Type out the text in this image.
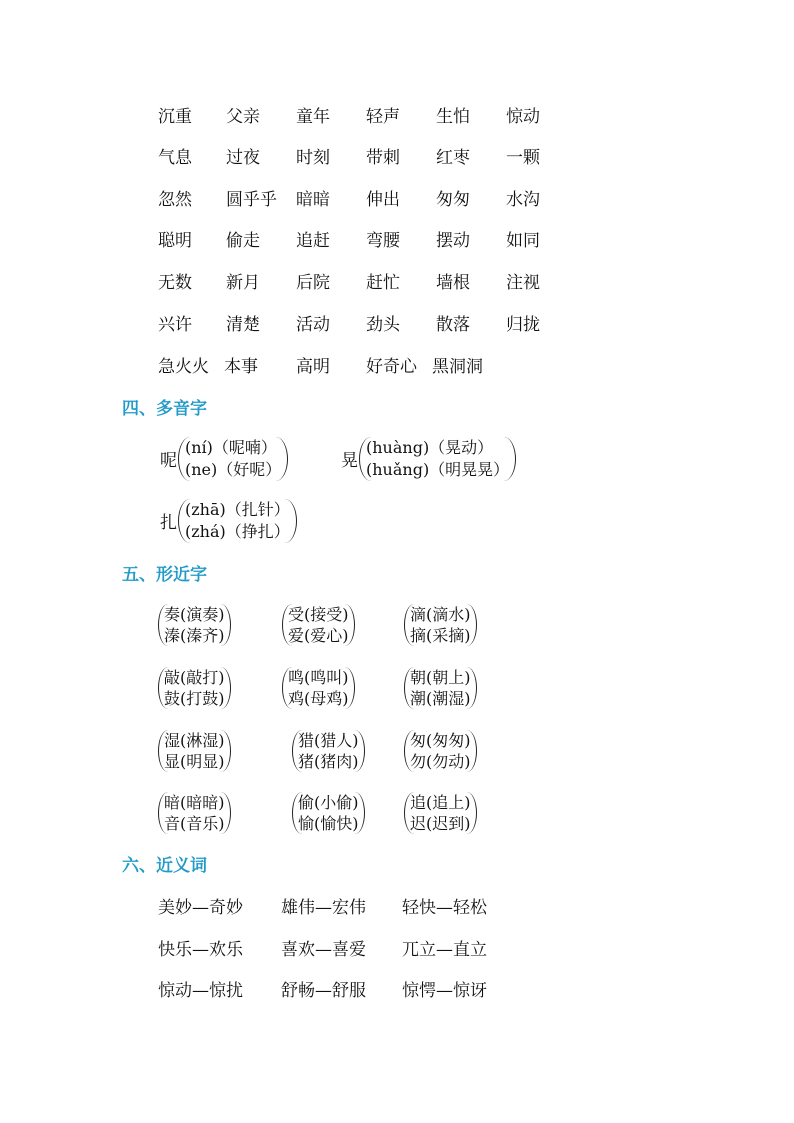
沉重 父亲 童年 轻声 生怕 惊动
气息 过夜 时刻 带刺 红枣 一颗
忽然 圆乎乎 暗暗 伸出 匆匆 水沟
聪明 偷走 追赶 弯腰 摆动 如同
无数 新月 后院 赶忙 墙根 注视
兴许 清楚 活动 劲头 散落 归拢
急火火 本事 高明 好奇心 黑洞洞
四、多音字
呢
(ní)（呢喃）
(ne)（好呢）	晃
(huàng)（晃动）
(huǎng)（明晃晃）
扎
(zhā)（扎针）
(zhá)（挣扎）
五、形近字
奏(演奏)
溱(溱齐)
受(接受)
爱(爱心)
滴(滴水)
摘(采摘)
敲(敲打)
鼓(打鼓)
鸣(鸣叫)
鸡(母鸡)
朝(朝上)
潮(潮湿)
湿(淋湿)
显(明显)
猎(猎人)
猪(猪肉)
匆(匆匆)
勿(勿动)
暗(暗暗)
音(音乐)
偷(小偷)
愉(愉快)
追(追上)
迟(迟到)
六、近义词
美妙—奇妙 雄伟—宏伟 轻快—轻松
快乐—欢乐 喜欢—喜爱 兀立—直立
惊动—惊扰 舒畅—舒服 惊愕—惊讶
